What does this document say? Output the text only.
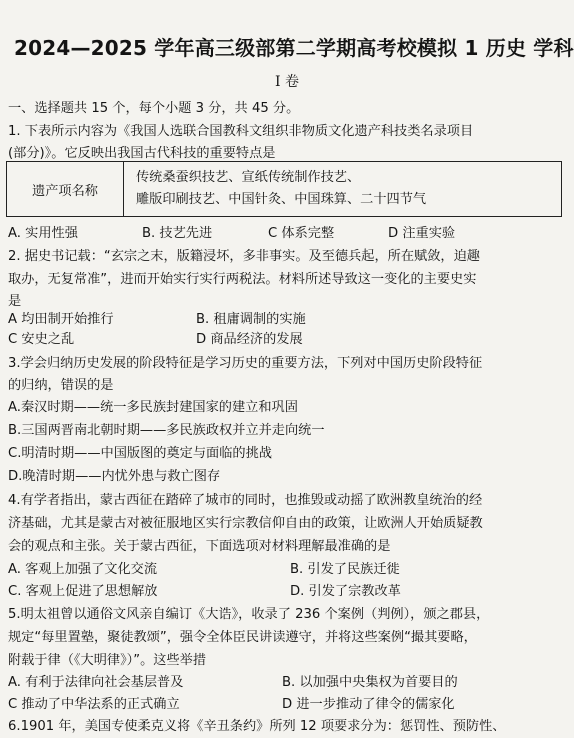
2024—2025 学年高三级部第二学期高考校模拟 1 历史 学科
I 卷
一、选择题共 15 个，每个小题 3 分，共 45 分。
1. 下表所示内容为《我国人选联合国教科文组织非物质文化遗产科技类名录项目
(部分)》。它反映出我国古代科技的重要特点是
遗产项名称	
传统桑蚕织技艺、宣纸传统制作技艺、
雕版印刷技艺、中国针灸、中国珠算、二十四节气
A. 实用性强	B. 技艺先进	C 体系完整	D 注重实验
2. 据史书记载：“玄宗之末，版籍浸坏，多非事实。及至德兵起，所在赋敛，迫趣
取办，无复常准”，进而开始实行实行两税法。材料所述导致这一变化的主要史实
是
A 均田制开始推行	B. 租庸调制的实施
C 安史之乱	D 商品经济的发展
3.学会归纳历史发展的阶段特征是学习历史的重要方法，下列对中国历史阶段特征
的归纳，错误的是
A.秦汉时期——统一多民族封建国家的建立和巩固
B.三国两晋南北朝时期——多民族政权并立并走向统一
C.明清时期——中国版图的奠定与面临的挑战
D.晚清时期——内忧外患与救亡图存
4.有学者指出，蒙古西征在踏碎了城市的同时，也推毁或动摇了欧洲教皇统治的经
济基础，尤其是蒙古对被征服地区实行宗教信仰自由的政策，让欧洲人开始质疑教
会的观点和主张。关于蒙古西征，下面选项对材料理解最准确的是
A. 客观上加强了文化交流	B. 引发了民族迁徙
C. 客观上促进了思想解放	D. 引发了宗教改革
5.明太祖曾以通俗文风亲自编订《大诰》，收录了 236 个案例（判例），颁之郡县，
规定“每里置塾，聚徒教颂”，强令全体臣民讲读遵守，并将这些案例“撮其要略，
附载于律（《大明律》）”。这些举措
A. 有利于法律向社会基层普及	B. 以加强中央集权为首要目的
C 推动了中华法系的正式确立	D 进一步推动了律令的儒家化
6.1901 年，美国专使柔克义将《辛丑条约》所列 12 项要求分为：惩罚性、预防性、
